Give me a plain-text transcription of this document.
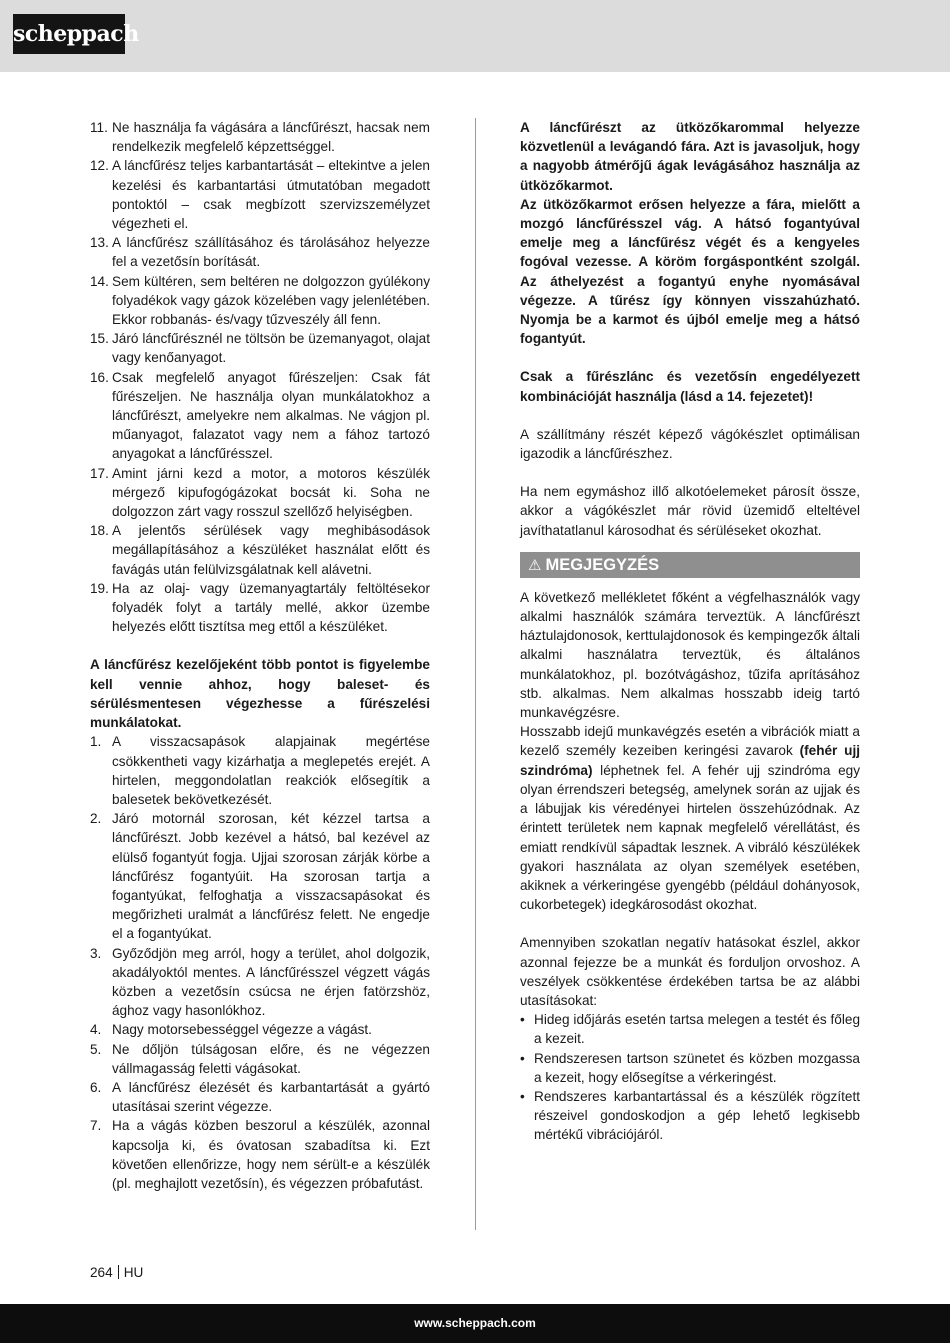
scheppach
11. Ne használja fa vágására a láncfűrészt, hacsak nem rendelkezik megfelelő képzettséggel.
12. A láncfűrész teljes karbantartását – eltekintve a jelen kezelési és karbantartási útmutatóban megadott pontoktól – csak megbízott szervizszemélyzet végezheti el.
13. A láncfűrész szállításához és tárolásához helyezze fel a vezetősín borítását.
14. Sem kültéren, sem beltéren ne dolgozzon gyúlékony folyadékok vagy gázok közelében vagy jelenlétében. Ekkor robbanás- és/vagy tűzveszély áll fenn.
15. Járó láncfűrésznél ne töltsön be üzemanyagot, olajat vagy kenőanyagot.
16. Csak megfelelő anyagot fűrészeljen: Csak fát fűrészeljen. Ne használja olyan munkálatokhoz a láncfűrészt, amelyekre nem alkalmas. Ne vágjon pl. műanyagot, falazatot vagy nem a fához tartozó anyagokat a láncfűrésszel.
17. Amint járni kezd a motor, a motoros készülék mérgező kipufogógázokat bocsát ki. Soha ne dolgozzon zárt vagy rosszul szellőző helyiségben.
18. A jelentős sérülések vagy meghibásodások megállapításához a készüléket használat előtt és favágás után felülvizsgálatnak kell alávetni.
19. Ha az olaj- vagy üzemanyagtartály feltöltésekor folyadék folyt a tartály mellé, akkor üzembe helyezés előtt tisztítsa meg ettől a készüléket.

A láncfűrész kezelőjeként több pontot is figyelembe kell vennie ahhoz, hogy baleset- és sérülésmentesen végezhesse a fűrészelési munkálatokat.

1. A visszacsapások alapjainak megértése csökkentheti vagy kizárhatja a meglepetés erejét. A hirtelen, meggondolatlan reakciók elősegítik a balesetek bekövetkezését.
2. Járó motornál szorosan, két kézzel tartsa a láncfűrészt. Jobb kezével a hátsó, bal kezével az elülső fogantyút fogja. Ujjai szorosan zárják körbe a láncfűrész fogantyúit. Ha szorosan tartja a fogantyúkat, felfoghatja a visszacsapásokat és megőrizheti uralmát a láncfűrész felett. Ne engedje el a fogantyúkat.
3. Győződjön meg arról, hogy a terület, ahol dolgozik, akadályoktól mentes. A láncfűrésszel végzett vágás közben a vezetősín csúcsa ne érjen fatörzshöz, ághoz vagy hasonlókhoz.
4. Nagy motorsebességgel végezze a vágást.
5. Ne dőljön túlságosan előre, és ne végezzen vállmagasság feletti vágásokat.
6. A láncfűrész élezését és karbantartását a gyártó utasításai szerint végezze.
7. Ha a vágás közben beszorul a készülék, azonnal kapcsolja ki, és óvatosan szabadítsa ki. Ezt követően ellenőrizze, hogy nem sérült-e a készülék (pl. meghajlott vezetősín), és végezzen próbafutást.

A láncfűrészt az ütközőkarommal helyezze közvetlenül a levágandó fára. Azt is javasoljuk, hogy a nagyobb átmérőjű ágak levágásához használja az ütközőkarmot.

Az ütközőkarmot erősen helyezze a fára, mielőtt a mozgó láncfűrésszel vág. A hátsó fogantyúval emelje meg a láncfűrész végét és a kengyeles fogóval vezesse. A köröm forgáspontként szolgál. Az áthelyezést a fogantyú enyhe nyomásával végezze. A tűrész így könnyen visszahúzható. Nyomja be a karmot és újból emelje meg a hátsó fogantyút.

Csak a fűrészlánc és vezetősín engedélyezett kombinációját használja (lásd a 14. fejezetet)!

A szállítmány részét képező vágókészlet optimálisan igazodik a láncfűrészhez.

Ha nem egymáshoz illő alkotóelemeket párosít össze, akkor a vágókészlet már rövid üzemidő elteltével javíthatatlanul károsodhat és sérüléseket okozhat.

⚠ MEGJEGYZÉS

A következő mellékletet főként a végfelhasználók vagy alkalmi használók számára terveztük. A láncfűrészt háztulajdonosok, kerttulajdonosok és kempingezők általi alkalmi használatra terveztük, és általános munkálatokhoz, pl. bozótvágáshoz, tűzifa aprításához stb. alkalmas. Nem alkalmas hosszabb ideig tartó munkavégzésre.

Hosszabb idejű munkavégzés esetén a vibrációk miatt a kezelő személy kezeiben keringési zavarok (fehér ujj szindróma) léphetnek fel. A fehér ujj szindróma egy olyan érrendszeri betegség, amelynek során az ujjak és a lábujjak kis véredényei hirtelen összehúzódnak. Az érintett területek nem kapnak megfelelő vérellátást, és emiatt rendkívül sápadtak lesznek. A vibráló készülékek gyakori használata az olyan személyek esetében, akiknek a vérkeringése gyengébb (például dohányosok, cukorbetegek) idegkárosodást okozhat.

Amennyiben szokatlan negatív hatásokat észlel, akkor azonnal fejezze be a munkát és forduljon orvoshoz. A veszélyek csökkentése érdekében tartsa be az alábbi utasításokat:

• Hideg időjárás esetén tartsa melegen a testét és főleg a kezeit.
• Rendszeresen tartson szünetet és közben mozgassa a kezeit, hogy elősegítse a vérkeringést.
• Rendszeres karbantartással és a készülék rögzített részeivel gondoskodjon a gép lehető legkisebb mértékű vibrációjáról.
264 HU
www.scheppach.com
